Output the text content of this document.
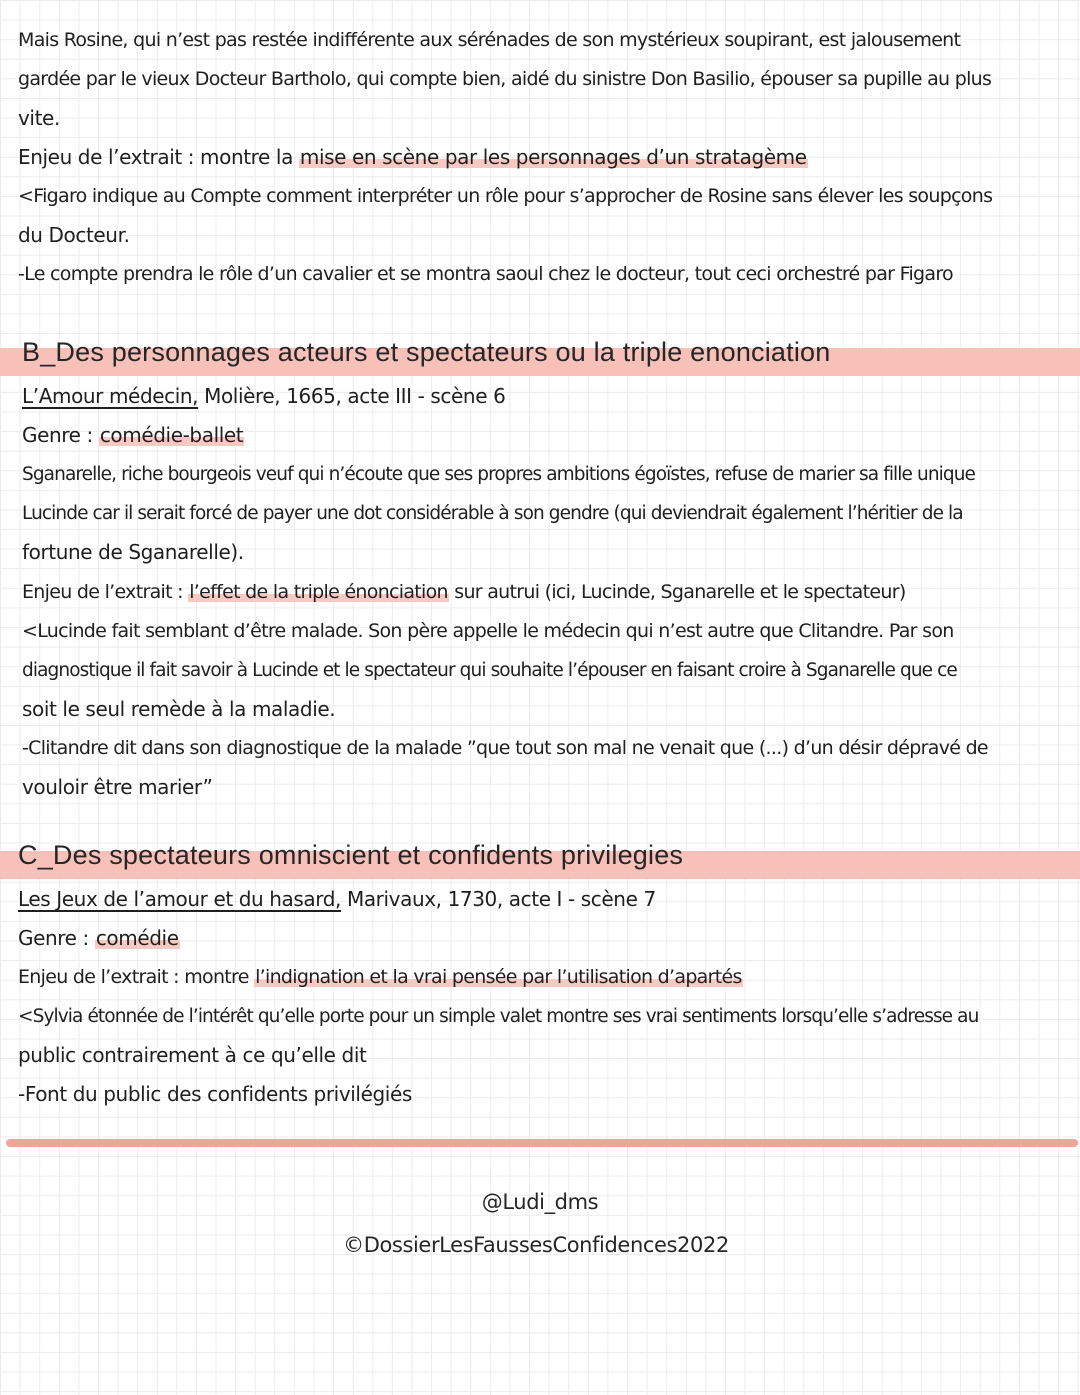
Mais Rosine, qui n’est pas restée indifférente aux sérénades de son mystérieux soupirant, est jalousement
gardée par le vieux Docteur Bartholo, qui compte bien, aidé du sinistre Don Basilio, épouser sa pupille au plus
vite.
Enjeu de l’extrait : montre la mise en scène par les personnages d’un stratagème
<Figaro indique au Compte comment interpréter un rôle pour s’approcher de Rosine sans élever les soupçons
du Docteur.
-Le compte prendra le rôle d’un cavalier et se montra saoul chez le docteur, tout ceci orchestré par Figaro
B_Des personnages acteurs et spectateurs ou la triple enonciation
L’Amour médecin, Molière, 1665, acte III - scène 6
Genre : comédie-ballet
Sganarelle, riche bourgeois veuf qui n’écoute que ses propres ambitions égoïstes, refuse de marier sa fille unique
Lucinde car il serait forcé de payer une dot considérable à son gendre (qui deviendrait également l’héritier de la
fortune de Sganarelle).
Enjeu de l’extrait : l’effet de la triple énonciation sur autrui (ici, Lucinde, Sganarelle et le spectateur)
<Lucinde fait semblant d’être malade. Son père appelle le médecin qui n’est autre que Clitandre. Par son
diagnostique il fait savoir à Lucinde et le spectateur qui souhaite l’épouser en faisant croire à Sganarelle que ce
soit le seul remède à la maladie.
-Clitandre dit dans son diagnostique de la malade ”que tout son mal ne venait que (...) d’un désir dépravé de
vouloir être marier”
C_Des spectateurs omniscient et confidents privilegies
Les Jeux de l’amour et du hasard, Marivaux, 1730, acte I - scène 7
Genre : comédie
Enjeu de l’extrait : montre l’indignation et la vrai pensée par l’utilisation d’apartés
<Sylvia étonnée de l’intérêt qu’elle porte pour un simple valet montre ses vrai sentiments lorsqu’elle s’adresse au
public contrairement à ce qu’elle dit
-Font du public des confidents privilégiés
@Ludi_dms
©DossierLesFaussesConfidences2022
